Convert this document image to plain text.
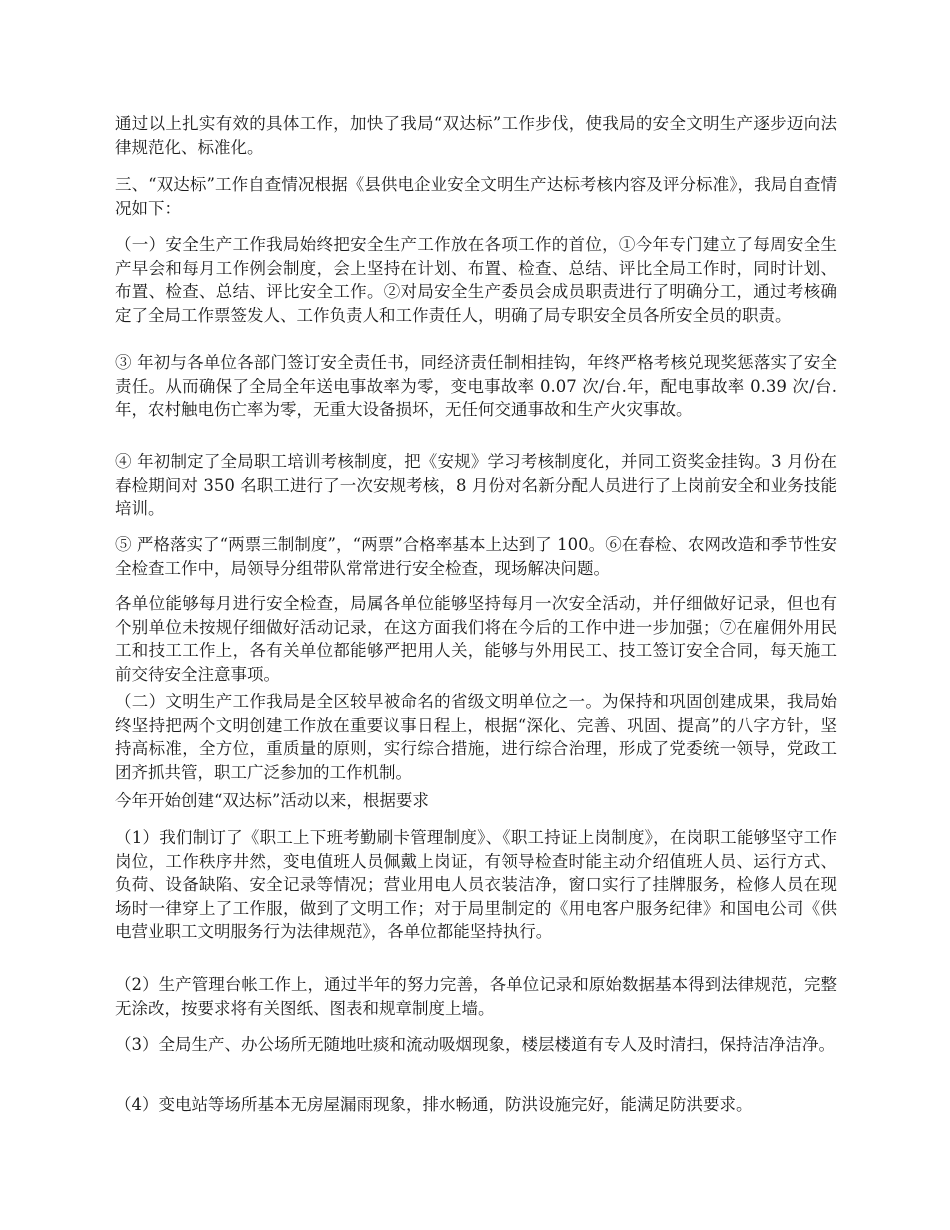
通过以上扎实有效的具体工作，加快了我局“双达标”工作步伐，使我局的安全文明生产逐步迈向法律规范化、标准化。

三、“双达标”工作自查情况根据《县供电企业安全文明生产达标考核内容及评分标准》，我局自查情况如下：

（一）安全生产工作我局始终把安全生产工作放在各项工作的首位，①今年专门建立了每周安全生产早会和每月工作例会制度，会上坚持在计划、布置、检查、总结、评比全局工作时，同时计划、布置、检查、总结、评比安全工作。②对局安全生产委员会成员职责进行了明确分工，通过考核确定了全局工作票签发人、工作负责人和工作责任人，明确了局专职安全员各所安全员的职责。

③ 年初与各单位各部门签订安全责任书，同经济责任制相挂钩，年终严格考核兑现奖惩落实了安全责任。从而确保了全局全年送电事故率为零，变电事故率 0.07 次/台.年，配电事故率 0.39 次/台.年，农村触电伤亡率为零，无重大设备损坏，无任何交通事故和生产火灾事故。

④ 年初制定了全局职工培训考核制度，把《安规》学习考核制度化，并同工资奖金挂钩。3 月份在春检期间对 350 名职工进行了一次安规考核，8 月份对名新分配人员进行了上岗前安全和业务技能培训。

⑤ 严格落实了“两票三制制度”，“两票”合格率基本上达到了 100。⑥在春检、农网改造和季节性安全检查工作中，局领导分组带队常常进行安全检查，现场解决问题。

各单位能够每月进行安全检查，局属各单位能够坚持每月一次安全活动，并仔细做好记录，但也有个别单位未按规仔细做好活动记录，在这方面我们将在今后的工作中进一步加强；⑦在雇佣外用民工和技工工作上，各有关单位都能够严把用人关，能够与外用民工、技工签订安全合同，每天施工前交待安全注意事项。

（二）文明生产工作我局是全区较早被命名的省级文明单位之一。为保持和巩固创建成果，我局始终坚持把两个文明创建工作放在重要议事日程上，根据“深化、完善、巩固、提高”的八字方针，坚持高标准，全方位，重质量的原则，实行综合措施，进行综合治理，形成了党委统一领导，党政工团齐抓共管，职工广泛参加的工作机制。

今年开始创建“双达标”活动以来，根据要求

（1）我们制订了《职工上下班考勤刷卡管理制度》、《职工持证上岗制度》，在岗职工能够坚守工作岗位，工作秩序井然，变电值班人员佩戴上岗证，有领导检查时能主动介绍值班人员、运行方式、负荷、设备缺陷、安全记录等情况；营业用电人员衣装洁净，窗口实行了挂牌服务，检修人员在现场时一律穿上了工作服，做到了文明工作；对于局里制定的《用电客户服务纪律》和国电公司《供电营业职工文明服务行为法律规范》，各单位都能坚持执行。

（2）生产管理台帐工作上，通过半年的努力完善，各单位记录和原始数据基本得到法律规范，完整无涂改，按要求将有关图纸、图表和规章制度上墙。

（3）全局生产、办公场所无随地吐痰和流动吸烟现象，楼层楼道有专人及时清扫，保持洁净洁净。

（4）变电站等场所基本无房屋漏雨现象，排水畅通，防洪设施完好，能满足防洪要求。
